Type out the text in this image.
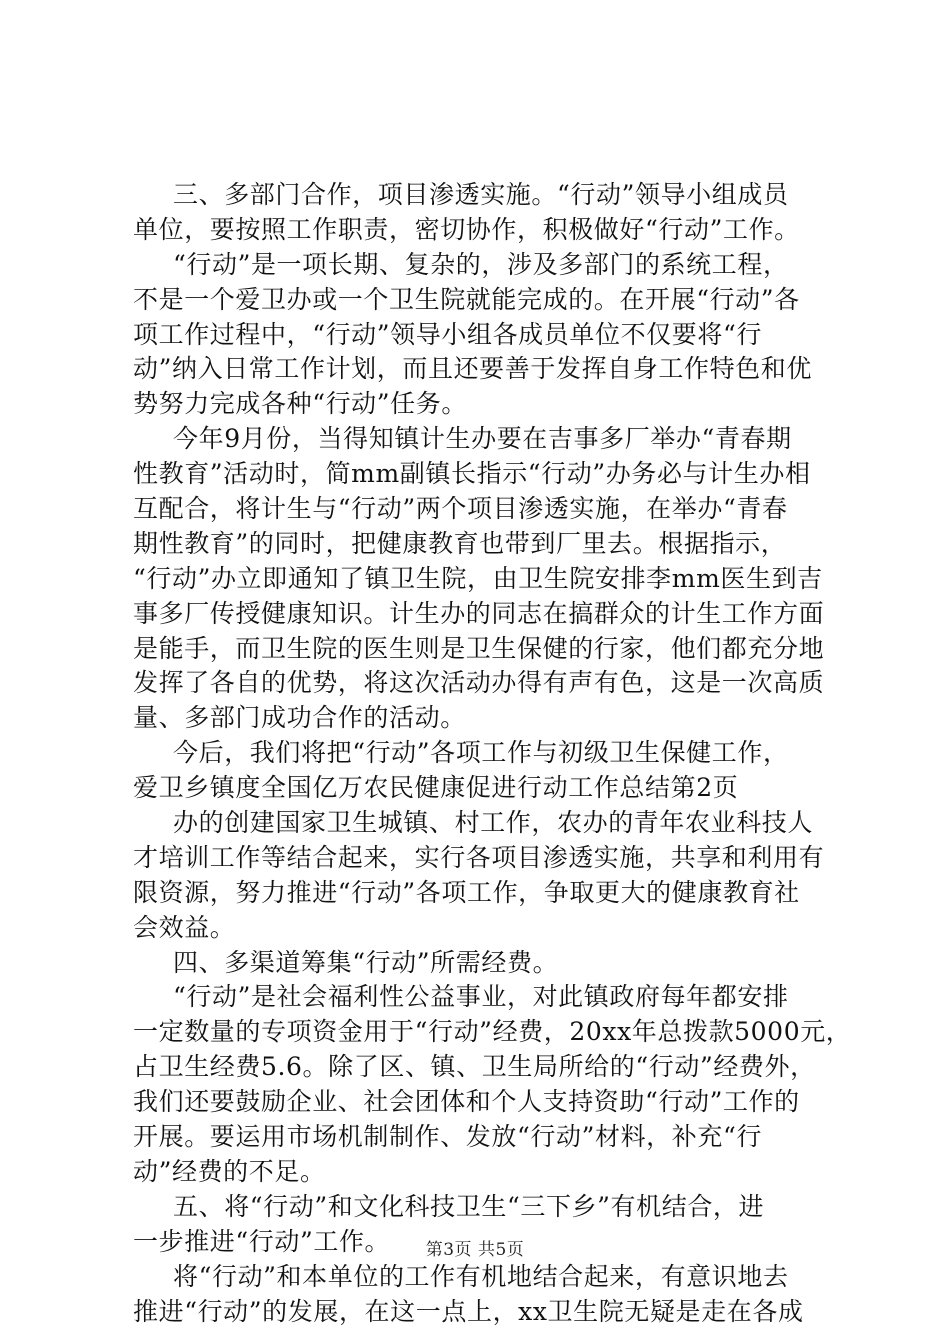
三、多部门合作，项目渗透实施。“行动”领导小组成员
单位，要按照工作职责，密切协作，积极做好“行动”工作。
“行动”是一项长期、复杂的，涉及多部门的系统工程，
不是一个爱卫办或一个卫生院就能完成的。在开展“行动”各
项工作过程中，“行动”领导小组各成员单位不仅要将“行
动”纳入日常工作计划，而且还要善于发挥自身工作特色和优
势努力完成各种“行动”任务。
今年9月份，当得知镇计生办要在吉事多厂举办“青春期
性教育”活动时，简mm副镇长指示“行动”办务必与计生办相
互配合，将计生与“行动”两个项目渗透实施，在举办“青春
期性教育”的同时，把健康教育也带到厂里去。根据指示，
“行动”办立即通知了镇卫生院，由卫生院安排李mm医生到吉
事多厂传授健康知识。计生办的同志在搞群众的计生工作方面
是能手，而卫生院的医生则是卫生保健的行家，他们都充分地
发挥了各自的优势，将这次活动办得有声有色，这是一次高质
量、多部门成功合作的活动。
今后，我们将把“行动”各项工作与初级卫生保健工作，
爱卫乡镇度全国亿万农民健康促进行动工作总结第2页
办的创建国家卫生城镇、村工作，农办的青年农业科技人
才培训工作等结合起来，实行各项目渗透实施，共享和利用有
限资源，努力推进“行动”各项工作，争取更大的健康教育社
会效益。
四、多渠道筹集“行动”所需经费。
“行动”是社会福利性公益事业，对此镇政府每年都安排
一定数量的专项资金用于“行动”经费，20xx年总拨款5000元，
占卫生经费5.6。除了区、镇、卫生局所给的“行动”经费外，
我们还要鼓励企业、社会团体和个人支持资助“行动”工作的
开展。要运用市场机制制作、发放“行动”材料，补充“行
动”经费的不足。
五、将“行动”和文化科技卫生“三下乡”有机结合，进
一步推进“行动”工作。
将“行动”和本单位的工作有机地结合起来，有意识地去
推进“行动”的发展，在这一点上，xx卫生院无疑是走在各成
第3页 共5页
